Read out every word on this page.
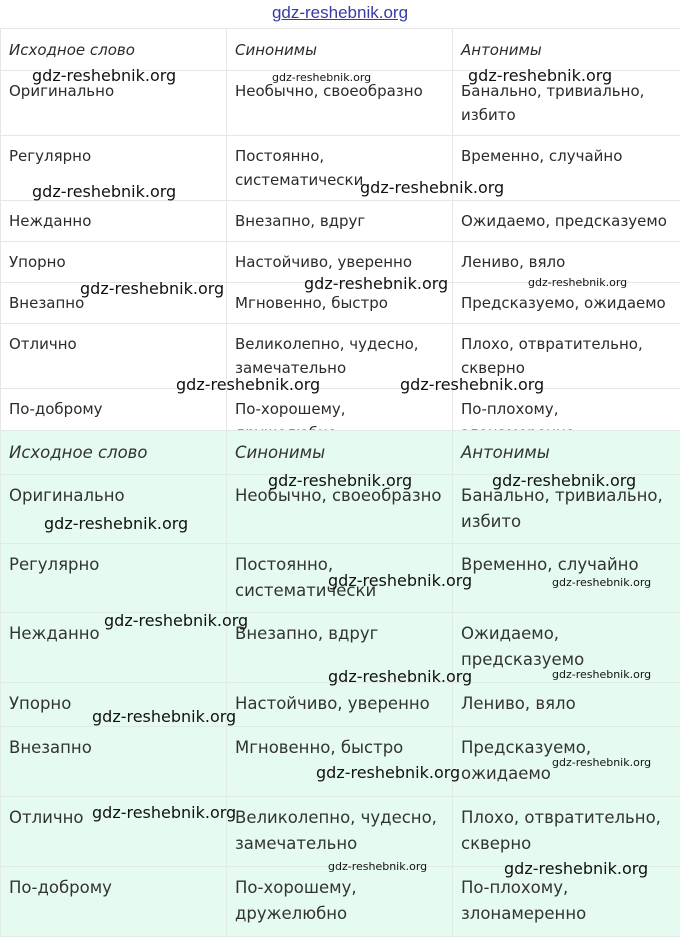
gdz-reshebnik.org
Исходное слово	Синонимы	Антонимы
Оригинально	Необычно, своеобразно	Банально, тривиально, избито
Регулярно	Постоянно, систематически	Временно, случайно
Нежданно	Внезапно, вдруг	Ожидаемо, предсказуемо
Упорно	Настойчиво, уверенно	Лениво, вяло
Внезапно	Мгновенно, быстро	Предсказуемо, ожидаемо
Отлично	Великолепно, чудесно, замечательно	Плохо, отвратительно, скверно
По-доброму	По-хорошему,	По-плохому,
Исходное слово	Синонимы	Антонимы
Оригинально	Необычно, своеобразно	Банально, тривиально, избито
Регулярно	Постоянно, систематически	Временно, случайно
Нежданно	Внезапно, вдруг	Ожидаемо, предсказуемо
Упорно	Настойчиво, уверенно	Лениво, вяло
Внезапно	Мгновенно, быстро	Предсказуемо, ожидаемо
Отлично	Великолепно, чудесно, замечательно	Плохо, отвратительно, скверно
По-доброму	По-хорошему, дружелюбно	По-плохому, злонамеренно
gdz-reshebnik.org	gdz-reshebnik.org	gdz-reshebnik.org
gdz-reshebnik.org	gdz-reshebnik.org
gdz-reshebnik.org
gdz-reshebnik.org	gdz-reshebnik.org
gdz-reshebnik.org	gdz-reshebnik.org
gdz-reshebnik.org	gdz-reshebnik.org
gdz-reshebnik.org
gdz-reshebnik.org	gdz-reshebnik.org
gdz-reshebnik.org
gdz-reshebnik.org	gdz-reshebnik.org
gdz-reshebnik.org
gdz-reshebnik.org
gdz-reshebnik.org
gdz-reshebnik.org
gdz-reshebnik.org	gdz-reshebnik.org
